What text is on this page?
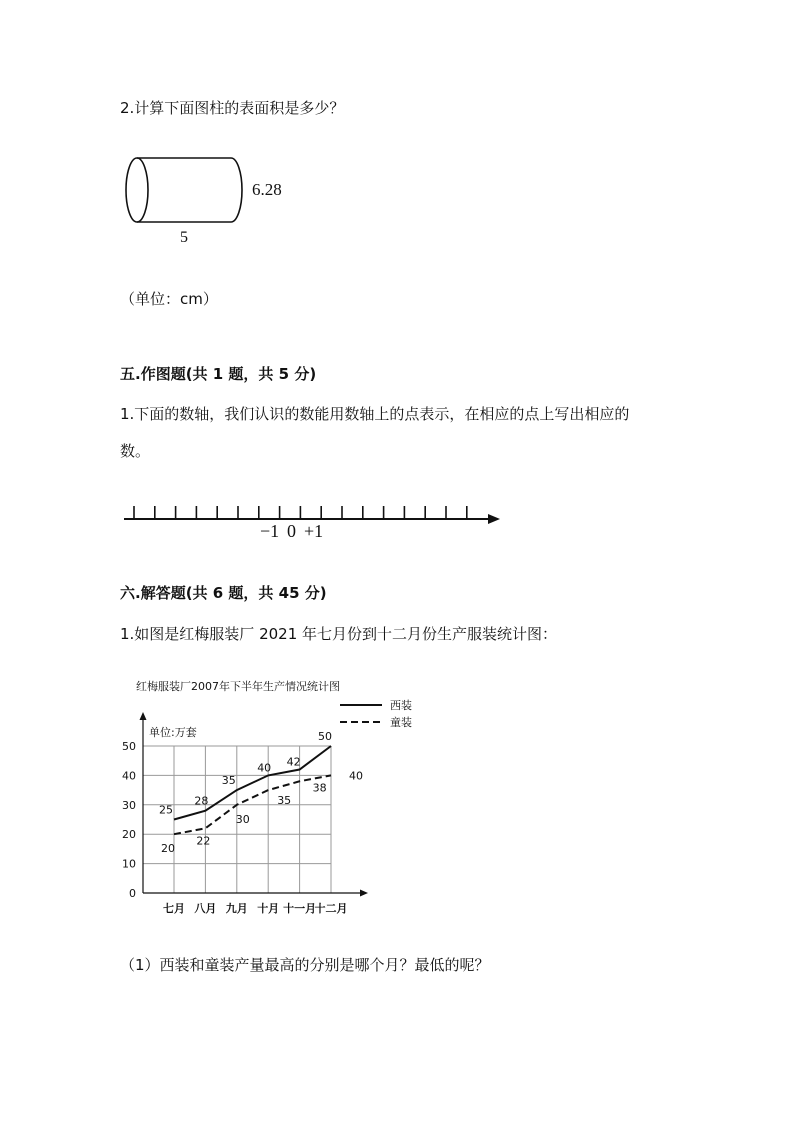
2.计算下面图柱的表面积是多少？
6.28
5
（单位：cm）
五.作图题(共 1 题，共 5 分)
1.下面的数轴，我们认识的数能用数轴上的点表示，在相应的点上写出相应的
数。
−1 0 +1
六.解答题(共 6 题，共 45 分)
1.如图是红梅服装厂 2021 年七月份到十二月份生产服装统计图：
红梅服装厂2007年下半年生产情况统计图
单位:万套
0
10
20
30
40
50
七月 八月 九月 十月 十一月
十二月
25
28
35
40 42
50
20
22
30
35
38
40
西装
童装
（1）西装和童装产量最高的分别是哪个月？最低的呢？
